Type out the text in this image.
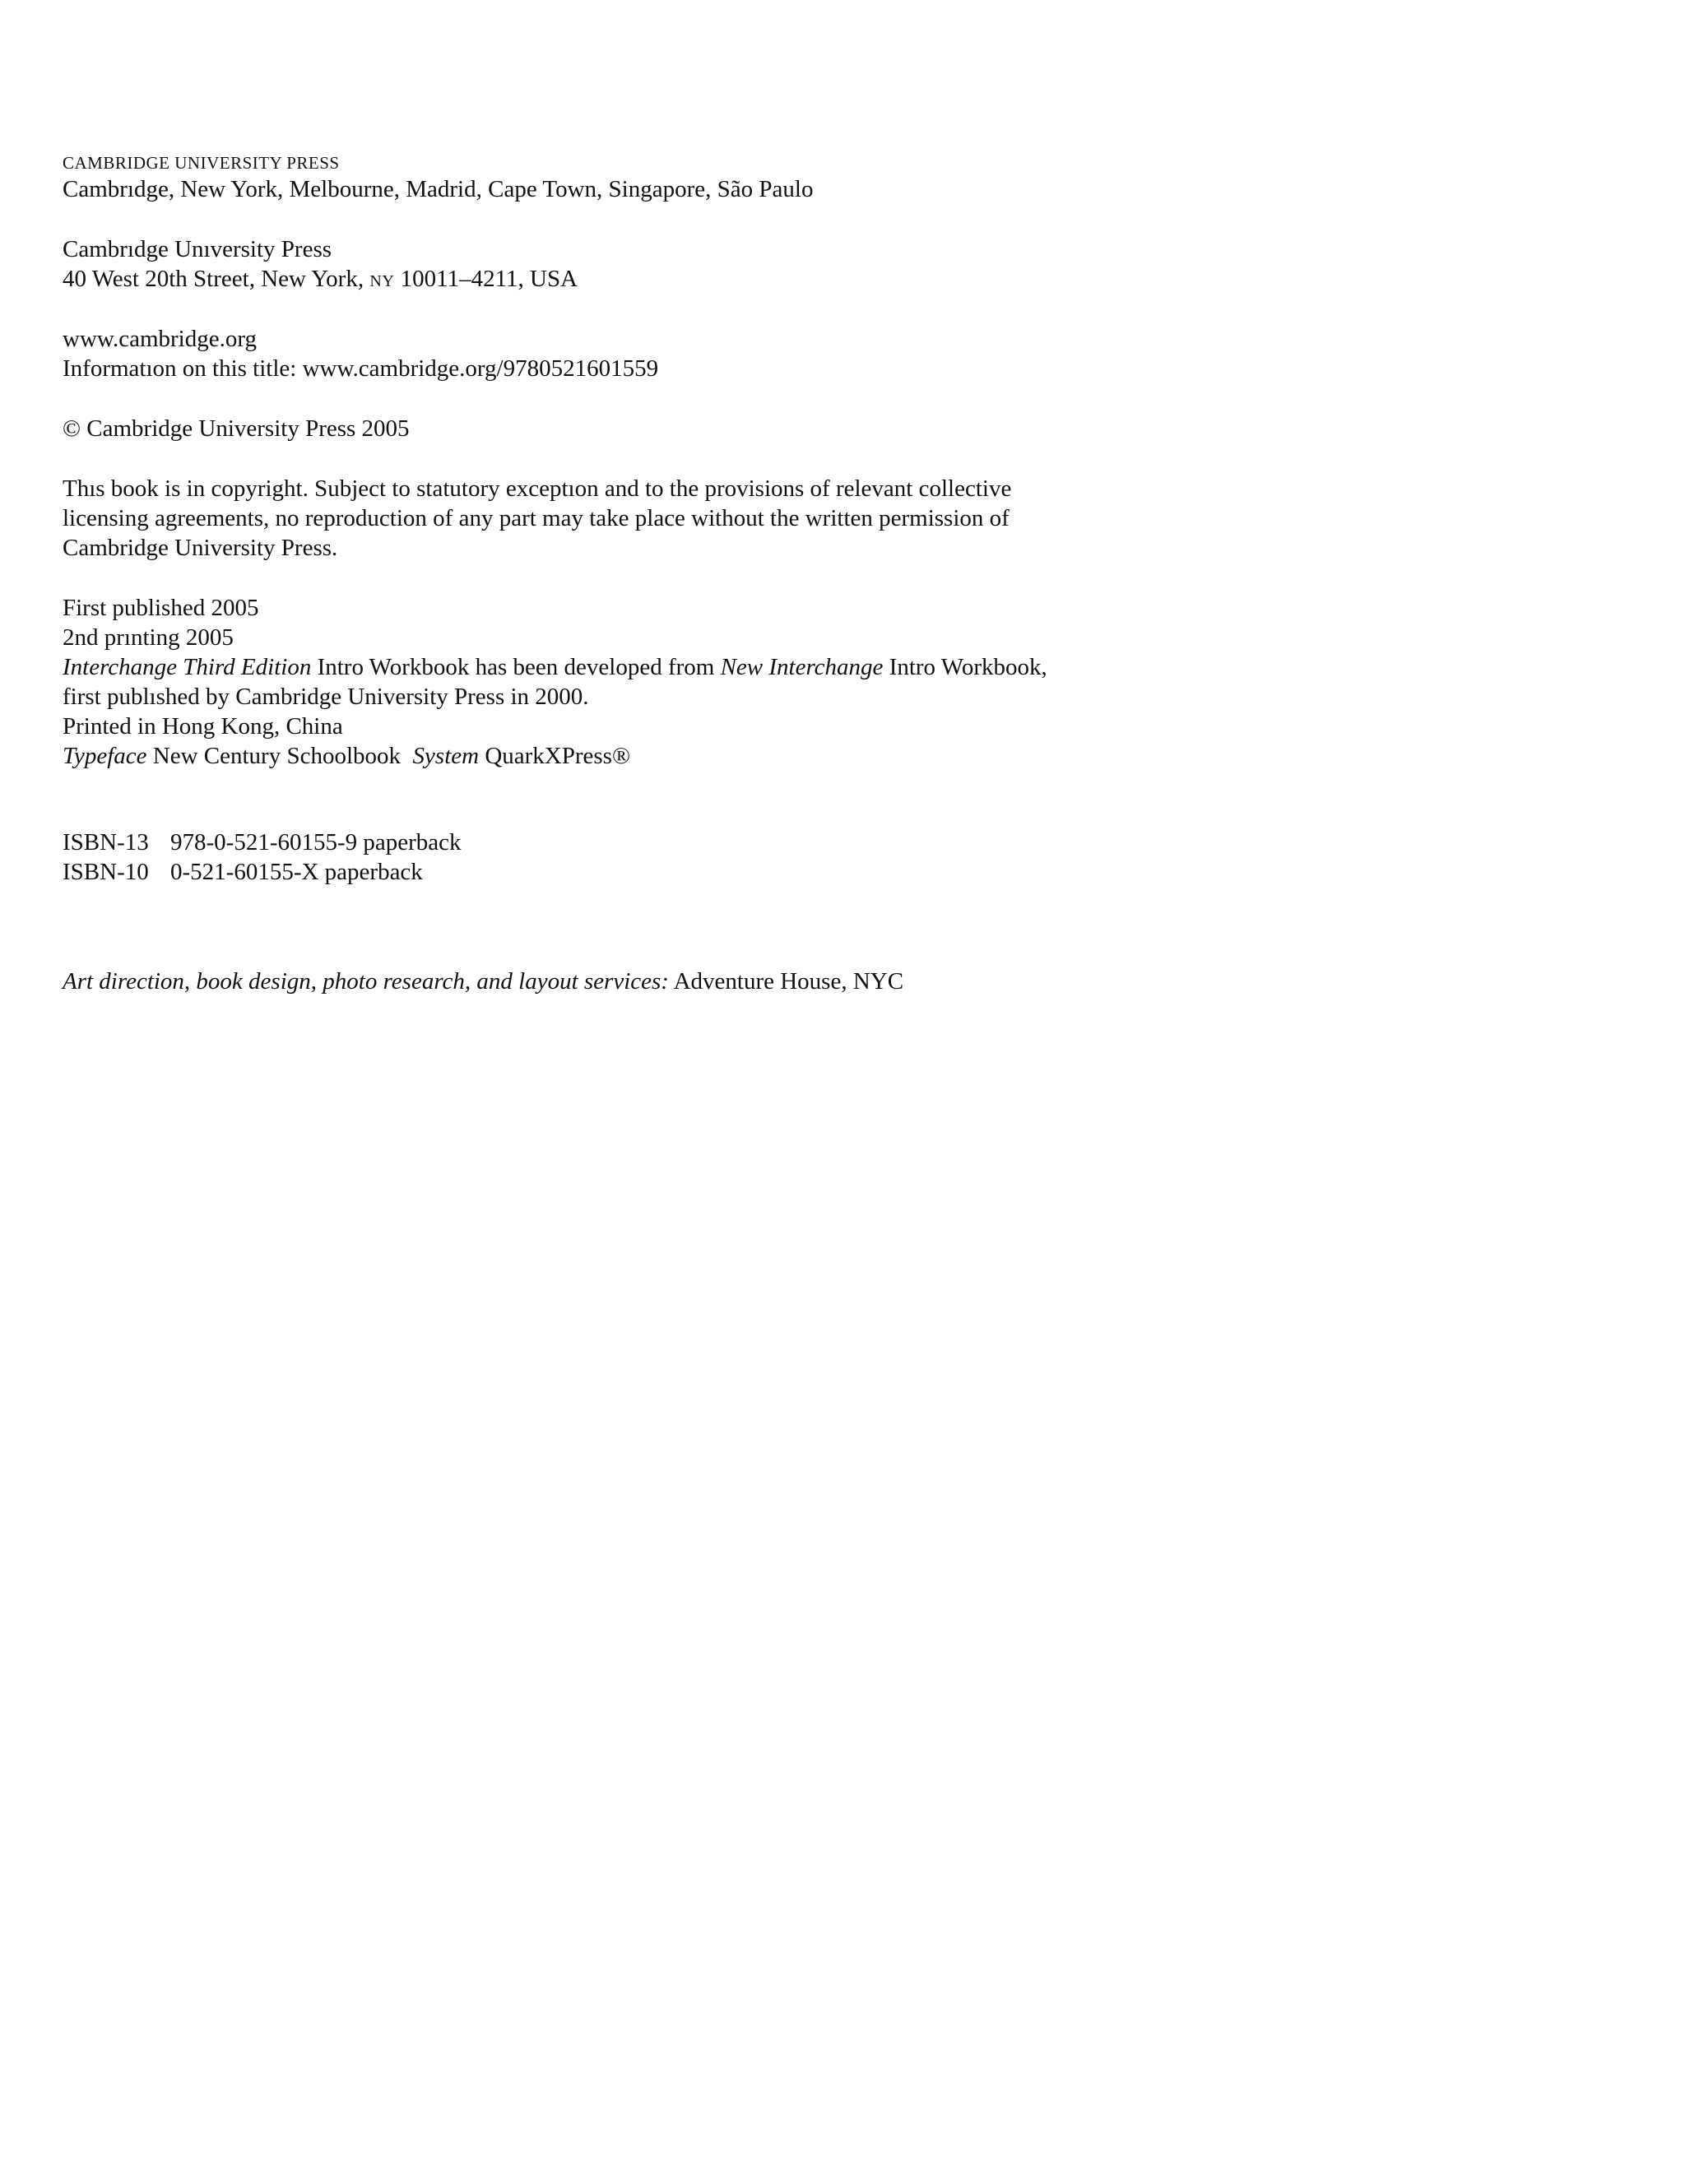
CAMBRIDGE UNIVERSITY PRESS

Cambrıdge, New York, Melbourne, Madrid, Cape Town, Singapore, São Paulo

Cambrıdge Unıversity Press

40 West 20th Street, New York, NY 10011–4211, USA

www.cambridge.org

Informatıon on this title: www.cambridge.org/9780521601559

© Cambridge University Press 2005

Thıs book is in copyright. Subject to statutory exceptıon and to the provisions of relevant collective

licensing agreements, no reproduction of any part may take place without the written permission of

Cambridge University Press.

First published 2005

2nd prınting 2005

Interchange Third Edition Intro Workbook has been developed from New Interchange Intro Workbook,

first publıshed by Cambridge University Press in 2000.

Printed in Hong Kong, China

Typeface New Century Schoolbook  System QuarkXPress®

ISBN-13 978-0-521-60155-9 paperback

ISBN-10 0-521-60155-X paperback

Art direction, book design, photo research, and layout services: Adventure House, NYC
